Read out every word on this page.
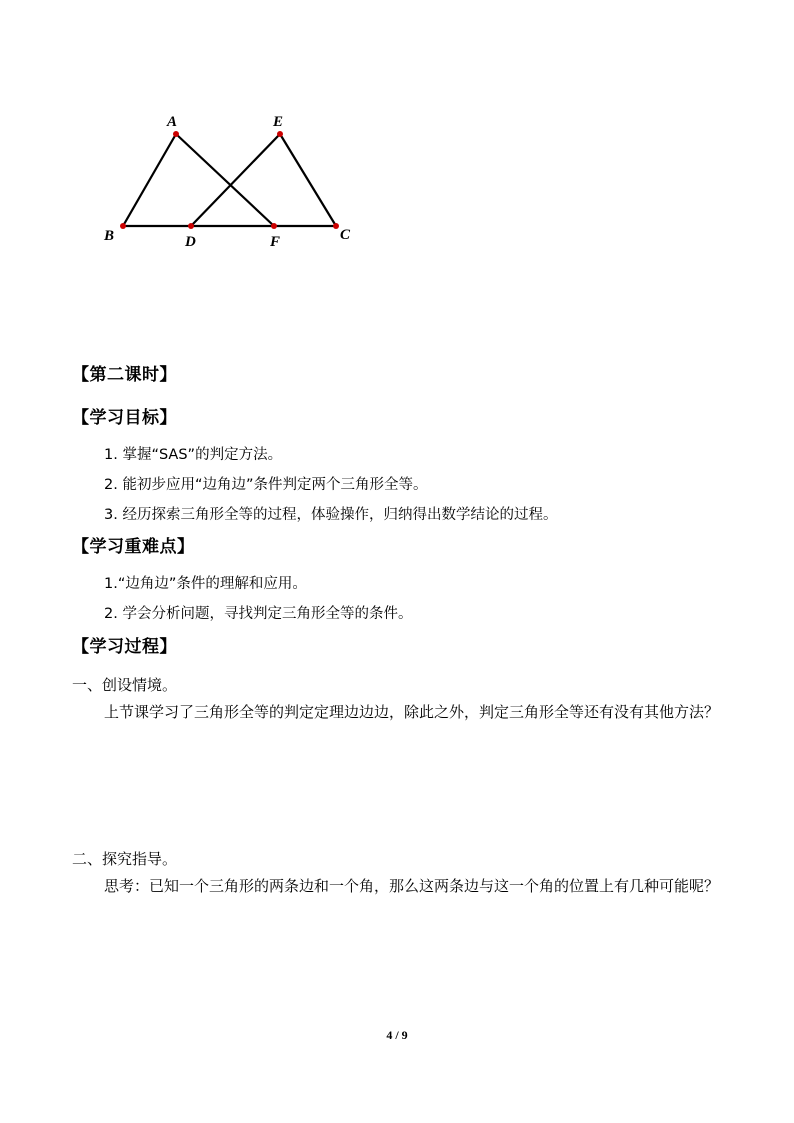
A	E
B	D	F	C
【第二课时】
【学习目标】
1. 掌握“SAS”的判定方法。
2. 能初步应用“边角边”条件判定两个三角形全等。
3. 经历探索三角形全等的过程，体验操作，归纳得出数学结论的过程。
【学习重难点】
1.“边角边”条件的理解和应用。
2. 学会分析问题，寻找判定三角形全等的条件。
【学习过程】
一、创设情境。
上节课学习了三角形全等的判定定理边边边，除此之外，判定三角形全等还有没有其他方法？
二、探究指导。
思考：已知一个三角形的两条边和一个角，那么这两条边与这一个角的位置上有几种可能呢？
4 / 9
